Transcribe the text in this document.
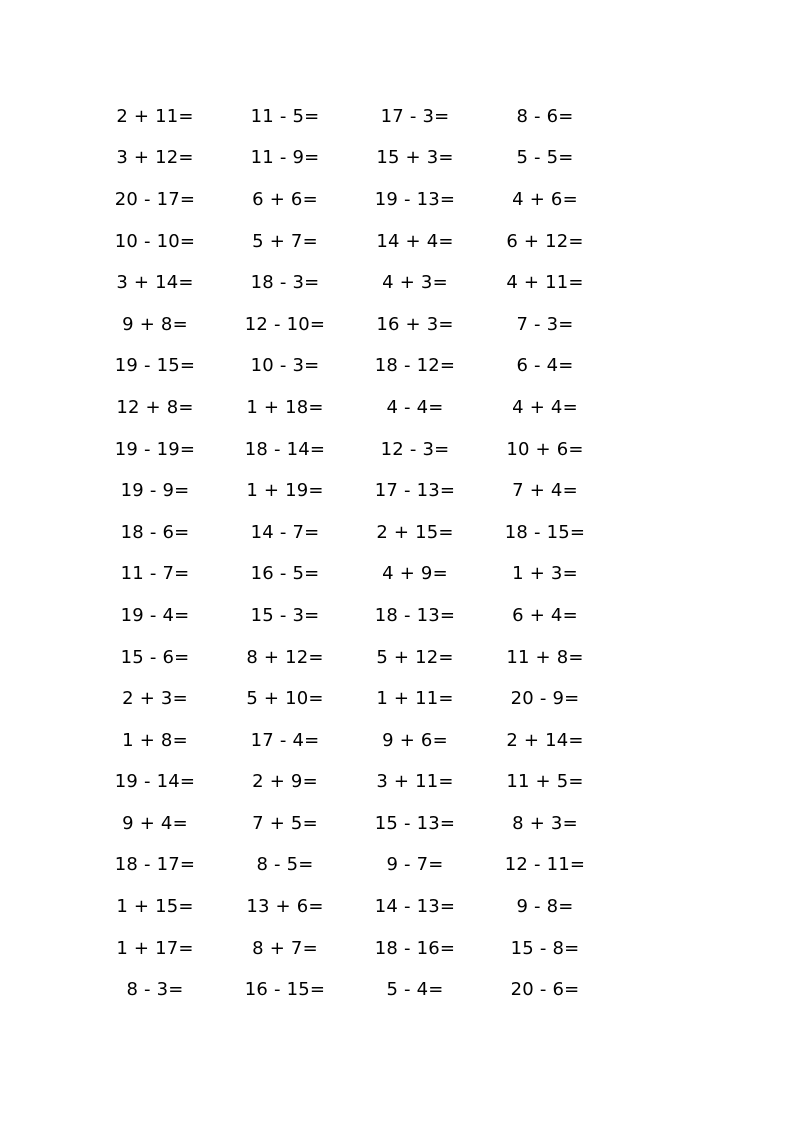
2 + 11=	11 - 5=	17 - 3=	8 - 6=
3 + 12=	11 - 9=	15 + 3=	5 - 5=
20 - 17=	6 + 6=	19 - 13=	4 + 6=
10 - 10=	5 + 7=	14 + 4=	6 + 12=
3 + 14=	18 - 3=	4 + 3=	4 + 11=
9 + 8=	12 - 10=	16 + 3=	7 - 3=
19 - 15=	10 - 3=	18 - 12=	6 - 4=
12 + 8=	1 + 18=	4 - 4=	4 + 4=
19 - 19=	18 - 14=	12 - 3=	10 + 6=
19 - 9=	1 + 19=	17 - 13=	7 + 4=
18 - 6=	14 - 7=	2 + 15=	18 - 15=
11 - 7=	16 - 5=	4 + 9=	1 + 3=
19 - 4=	15 - 3=	18 - 13=	6 + 4=
15 - 6=	8 + 12=	5 + 12=	11 + 8=
2 + 3=	5 + 10=	1 + 11=	20 - 9=
1 + 8=	17 - 4=	9 + 6=	2 + 14=
19 - 14=	2 + 9=	3 + 11=	11 + 5=
9 + 4=	7 + 5=	15 - 13=	8 + 3=
18 - 17=	8 - 5=	9 - 7=	12 - 11=
1 + 15=	13 + 6=	14 - 13=	9 - 8=
1 + 17=	8 + 7=	18 - 16=	15 - 8=
8 - 3=	16 - 15=	5 - 4=	20 - 6=
